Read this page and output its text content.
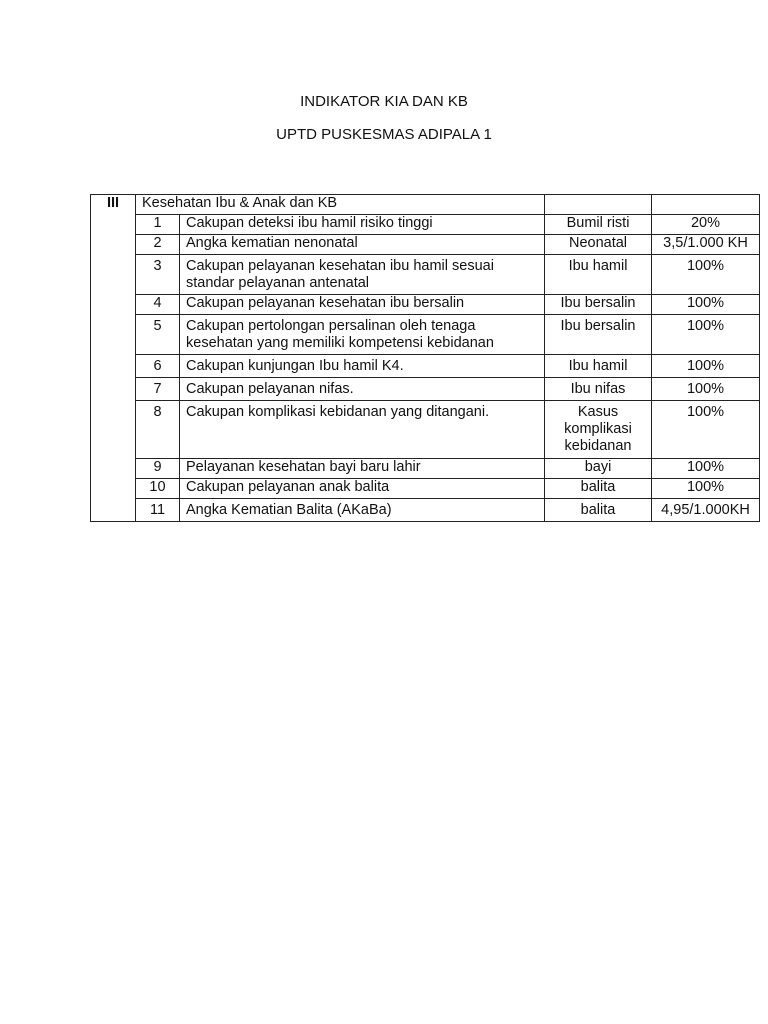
INDIKATOR KIA DAN KB
UPTD PUSKESMAS ADIPALA 1
III	Kesehatan Ibu & Anak dan KB			
	1	Cakupan deteksi ibu hamil risiko tinggi	Bumil risti	20%
	2	Angka kematian nenonatal	Neonatal	3,5/1.000 KH
	3	Cakupan pelayanan kesehatan ibu hamil sesuai standar pelayanan antenatal	Ibu hamil	100%
	4	Cakupan pelayanan kesehatan ibu bersalin	Ibu bersalin	100%
	5	Cakupan pertolongan persalinan oleh tenaga kesehatan yang memiliki kompetensi kebidanan	Ibu bersalin	100%
	6	Cakupan kunjungan Ibu hamil K4.	Ibu hamil	100%
	7	Cakupan pelayanan nifas.	Ibu nifas	100%
	8	Cakupan komplikasi kebidanan yang ditangani.	Kasus komplikasi kebidanan	100%
	9	Pelayanan kesehatan bayi baru lahir	bayi	100%
	10	Cakupan pelayanan anak balita	balita	100%
	11	Angka Kematian Balita (AKaBa)	balita	4,95/1.000KH
